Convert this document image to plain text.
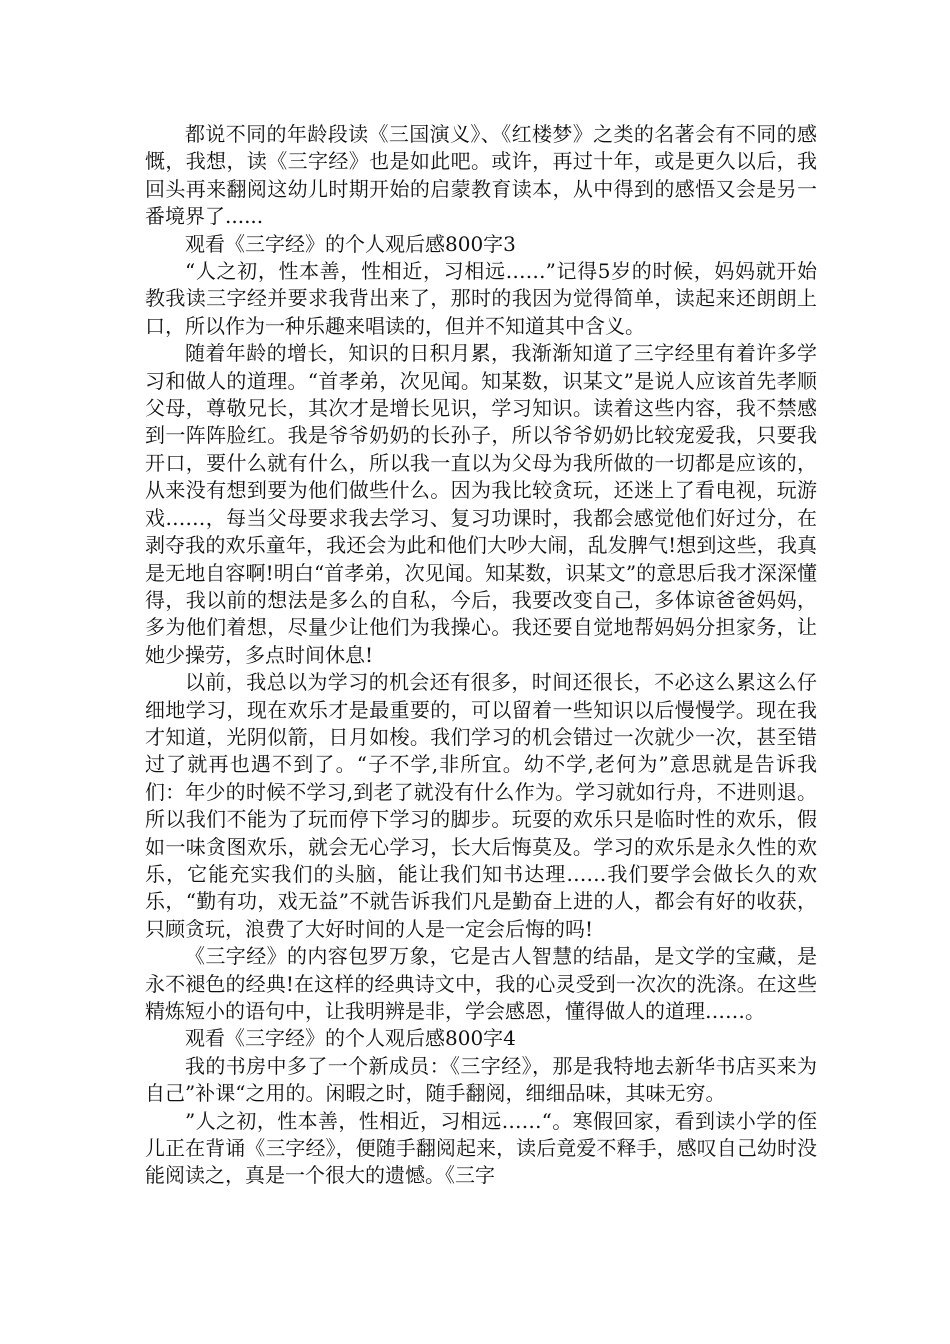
都说不同的年龄段读《三国演义》、《红楼梦》之类的名著会有不同的感慨，我想，读《三字经》也是如此吧。或许，再过十年，或是更久以后，我回头再来翻阅这幼儿时期开始的启蒙教育读本，从中得到的感悟又会是另一番境界了......

观看《三字经》的个人观后感800字3

“人之初，性本善，性相近，习相远……”记得5岁的时候，妈妈就开始教我读三字经并要求我背出来了，那时的我因为觉得简单，读起来还朗朗上口，所以作为一种乐趣来唱读的，但并不知道其中含义。

随着年龄的增长，知识的日积月累，我渐渐知道了三字经里有着许多学习和做人的道理。“首孝弟，次见闻。知某数，识某文”是说人应该首先孝顺父母，尊敬兄长，其次才是增长见识，学习知识。读着这些内容，我不禁感到一阵阵脸红。我是爷爷奶奶的长孙子，所以爷爷奶奶比较宠爱我，只要我开口，要什么就有什么，所以我一直以为父母为我所做的一切都是应该的，从来没有想到要为他们做些什么。因为我比较贪玩，还迷上了看电视，玩游戏……，每当父母要求我去学习、复习功课时，我都会感觉他们好过分，在剥夺我的欢乐童年，我还会为此和他们大吵大闹，乱发脾气!想到这些，我真是无地自容啊!明白“首孝弟，次见闻。知某数，识某文”的意思后我才深深懂得，我以前的想法是多么的自私，今后，我要改变自己，多体谅爸爸妈妈，多为他们着想，尽量少让他们为我操心。我还要自觉地帮妈妈分担家务，让她少操劳，多点时间休息!

以前，我总以为学习的机会还有很多，时间还很长，不必这么累这么仔细地学习，现在欢乐才是最重要的，可以留着一些知识以后慢慢学。现在我才知道，光阴似箭，日月如梭。我们学习的机会错过一次就少一次，甚至错过了就再也遇不到了。“子不学,非所宜。幼不学,老何为”意思就是告诉我们：年少的时候不学习,到老了就没有什么作为。学习就如行舟，不进则退。所以我们不能为了玩而停下学习的脚步。玩耍的欢乐只是临时性的欢乐，假如一味贪图欢乐，就会无心学习，长大后悔莫及。学习的欢乐是永久性的欢乐，它能充实我们的头脑，能让我们知书达理……我们要学会做长久的欢乐，“勤有功，戏无益”不就告诉我们凡是勤奋上进的人，都会有好的收获，只顾贪玩，浪费了大好时间的人是一定会后悔的吗!

《三字经》的内容包罗万象，它是古人智慧的结晶，是文学的宝藏，是永不褪色的经典!在这样的经典诗文中，我的心灵受到一次次的洗涤。在这些精炼短小的语句中，让我明辨是非，学会感恩，懂得做人的道理……。

观看《三字经》的个人观后感800字4

我的书房中多了一个新成员：《三字经》，那是我特地去新华书店买来为自己”补课“之用的。闲暇之时，随手翻阅，细细品味，其味无穷。

”人之初，性本善，性相近，习相远……“。寒假回家，看到读小学的侄儿正在背诵《三字经》，便随手翻阅起来，读后竟爱不释手，感叹自己幼时没能阅读之，真是一个很大的遗憾。《三字
